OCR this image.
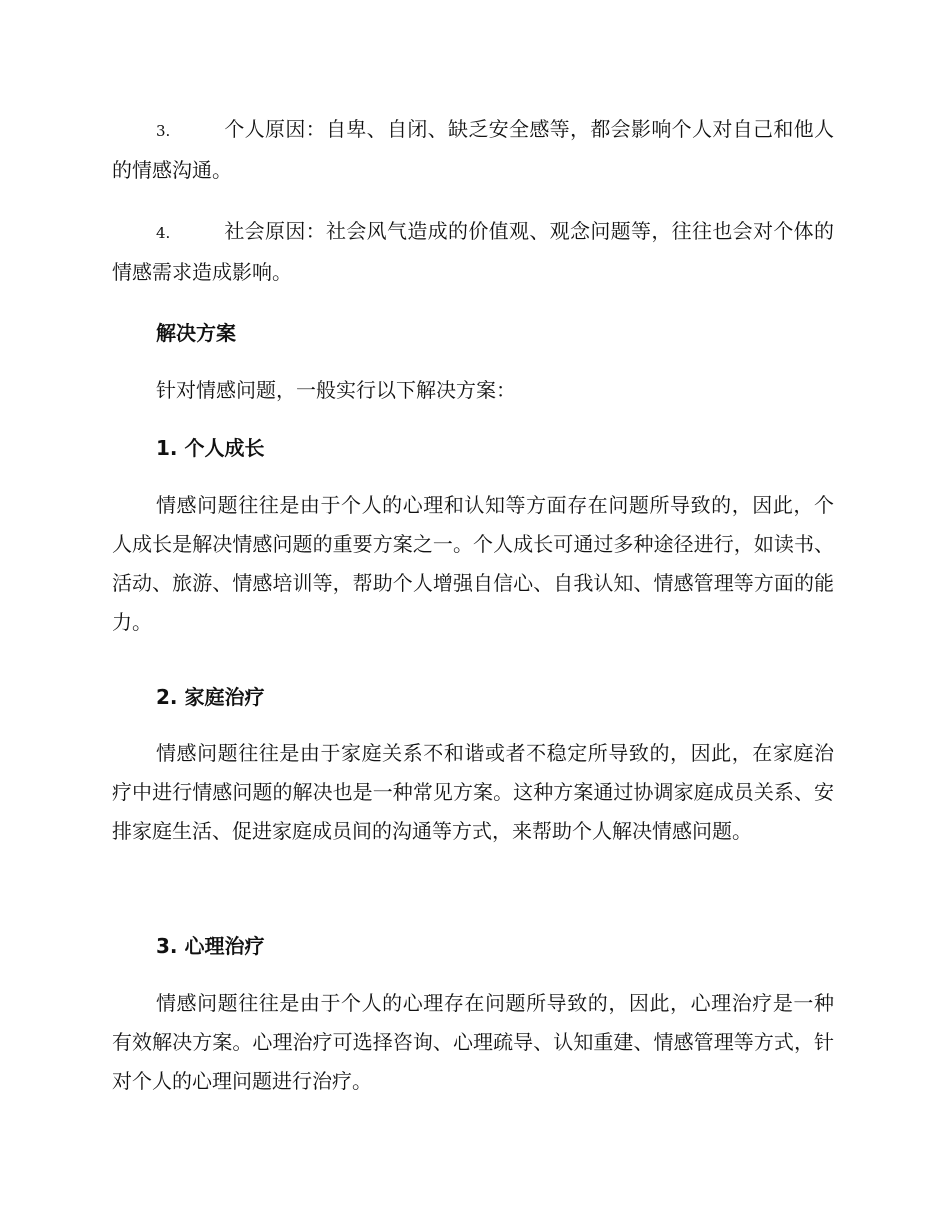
3.	个人原因：自卑、自闭、缺乏安全感等，都会影响个人对自己和他人的情感沟通。

4.	社会原因：社会风气造成的价值观、观念问题等，往往也会对个体的情感需求造成影响。

解决方案

针对情感问题，一般实行以下解决方案：

1. 个人成长

情感问题往往是由于个人的心理和认知等方面存在问题所导致的，因此，个人成长是解决情感问题的重要方案之一。个人成长可通过多种途径进行，如读书、活动、旅游、情感培训等，帮助个人增强自信心、自我认知、情感管理等方面的能力。

2. 家庭治疗

情感问题往往是由于家庭关系不和谐或者不稳定所导致的，因此，在家庭治疗中进行情感问题的解决也是一种常见方案。这种方案通过协调家庭成员关系、安排家庭生活、促进家庭成员间的沟通等方式，来帮助个人解决情感问题。

3. 心理治疗

情感问题往往是由于个人的心理存在问题所导致的，因此，心理治疗是一种有效解决方案。心理治疗可选择咨询、心理疏导、认知重建、情感管理等方式，针对个人的心理问题进行治疗。
